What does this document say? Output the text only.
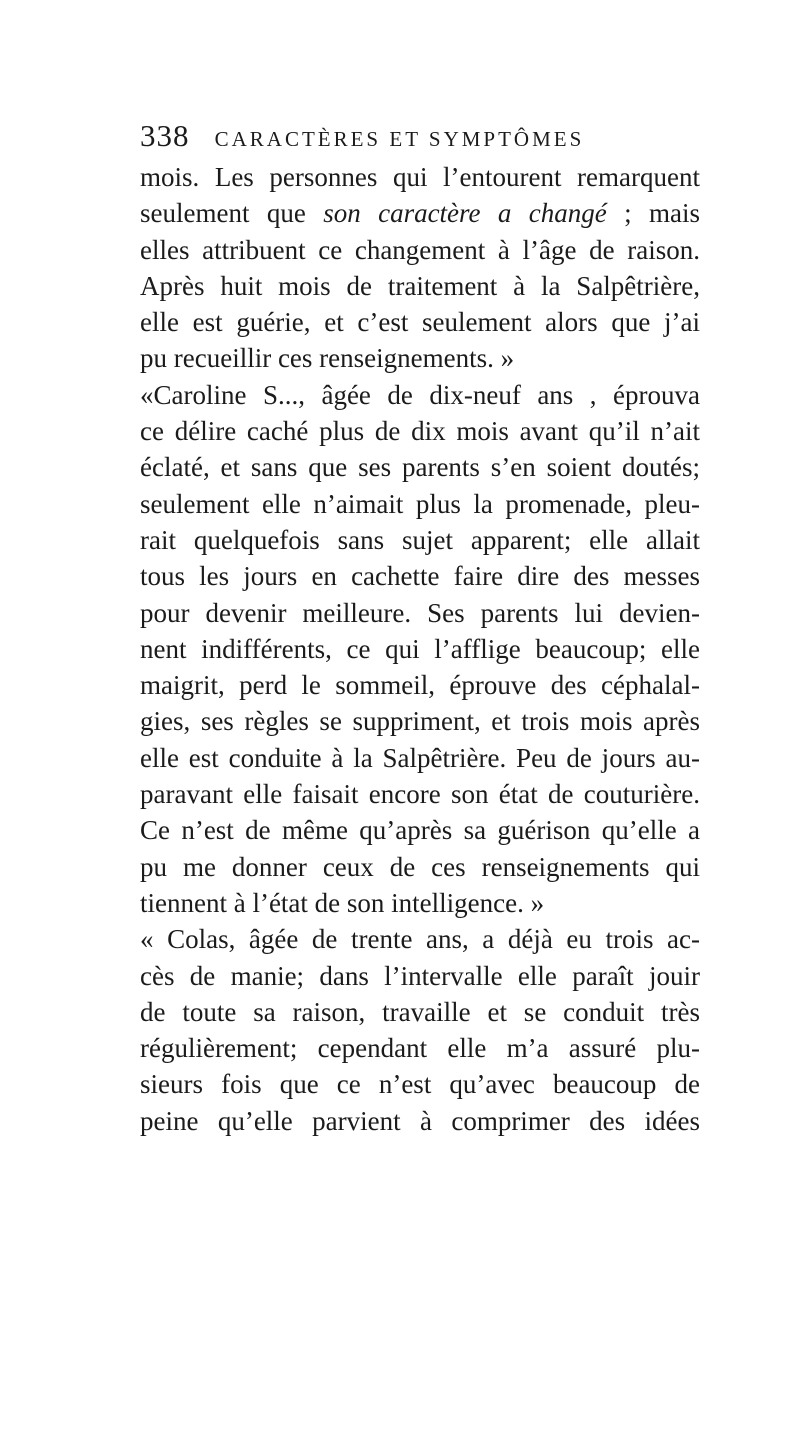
338 CARACTÈRES ET SYMPTÔMES
mois. Les personnes qui l’entourent remarquent
seulement que son caractère a changé ; mais
elles attribuent ce changement à l’âge de raison.
Après huit mois de traitement à la Salpêtrière,
elle est guérie, et c’est seulement alors que j’ai
pu recueillir ces renseignements. »
«Caroline S..., âgée de dix-neuf ans , éprouva
ce délire caché plus de dix mois avant qu’il n’ait
éclaté, et sans que ses parents s’en soient doutés;
seulement elle n’aimait plus la promenade, pleu-
rait quelquefois sans sujet apparent; elle allait
tous les jours en cachette faire dire des messes
pour devenir meilleure. Ses parents lui devien-
nent indifférents, ce qui l’afflige beaucoup; elle
maigrit, perd le sommeil, éprouve des céphalal-
gies, ses règles se suppriment, et trois mois après
elle est conduite à la Salpêtrière. Peu de jours au-
paravant elle faisait encore son état de couturière.
Ce n’est de même qu’après sa guérison qu’elle a
pu me donner ceux de ces renseignements qui
tiennent à l’état de son intelligence. »
« Colas, âgée de trente ans, a déjà eu trois ac-
cès de manie; dans l’intervalle elle paraît jouir
de toute sa raison, travaille et se conduit très
régulièrement; cependant elle m’a assuré plu-
sieurs fois que ce n’est qu’avec beaucoup de
peine qu’elle parvient à comprimer des idées
